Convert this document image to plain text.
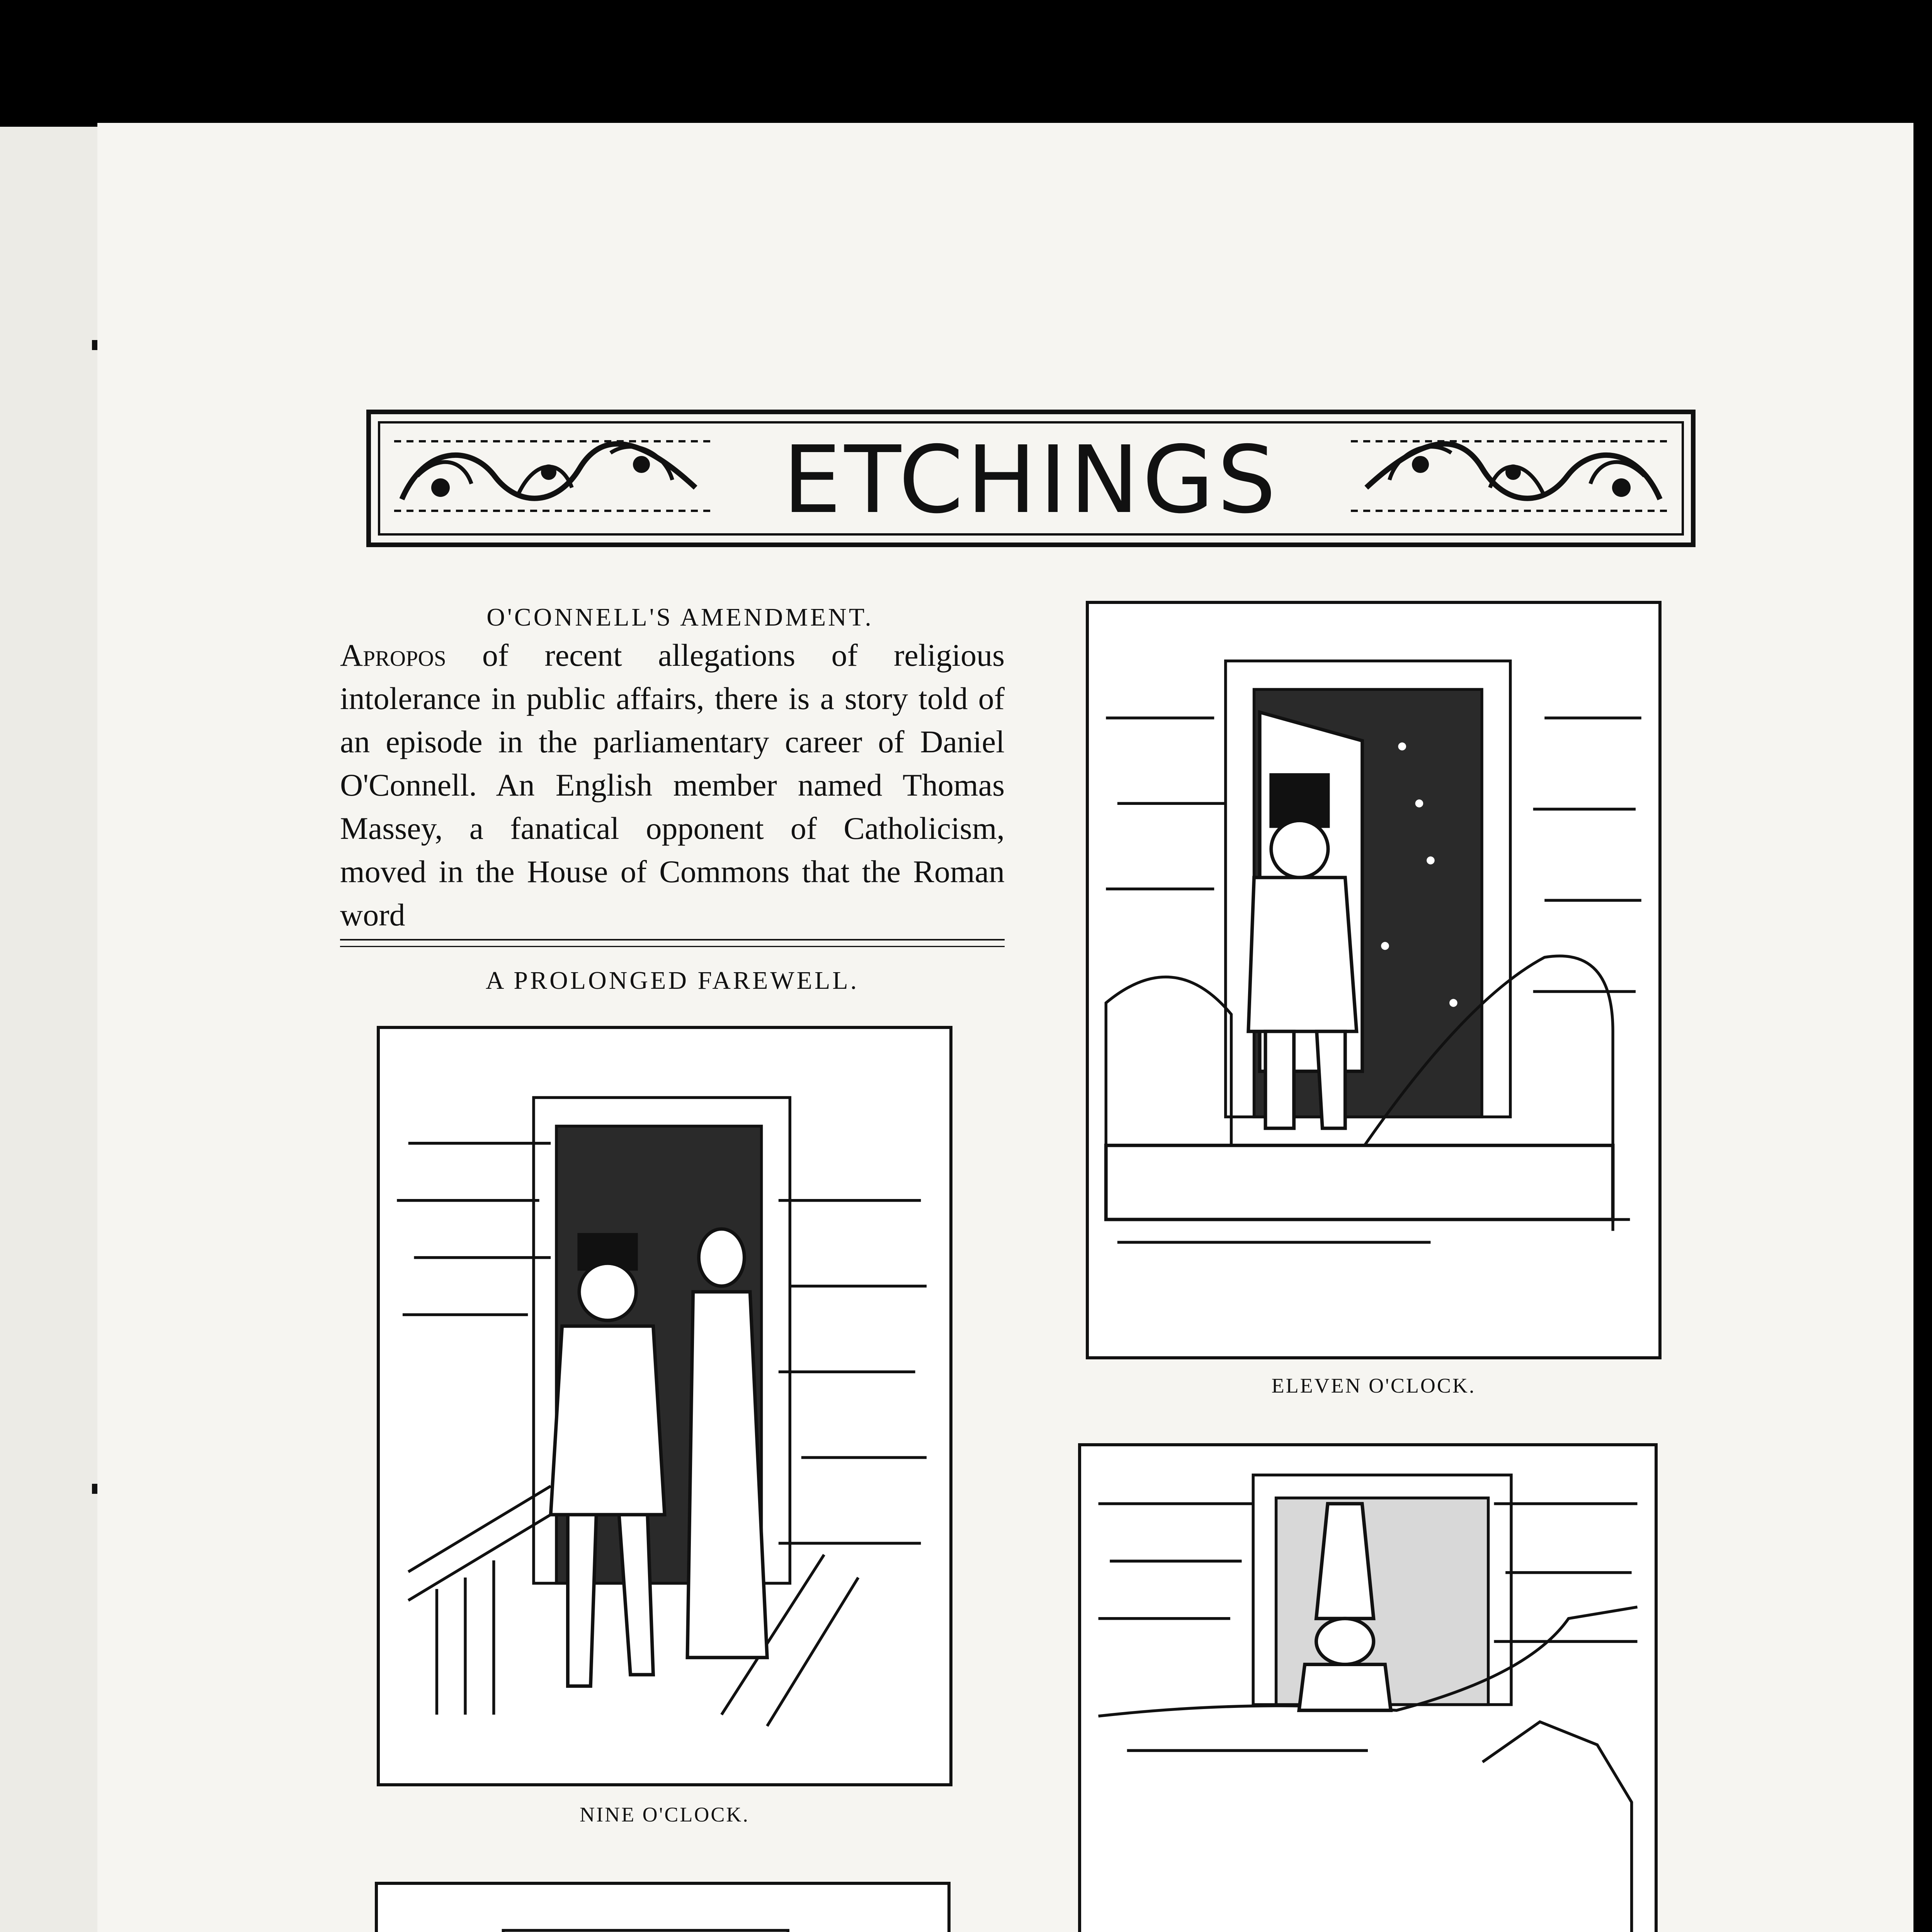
ETCHINGS
O'CONNELL'S AMENDMENT.

Apropos of recent allegations of religious intolerance in public affairs, there is a story told of an episode in the parliamentary career of Daniel O'Connell. An English member named Thomas Massey, a fanatical opponent of Catholicism, moved in the House of Commons that the Roman word

A PROLONGED FAREWELL.
NINE O'CLOCK.
ELEVEN O'CLOCK.
